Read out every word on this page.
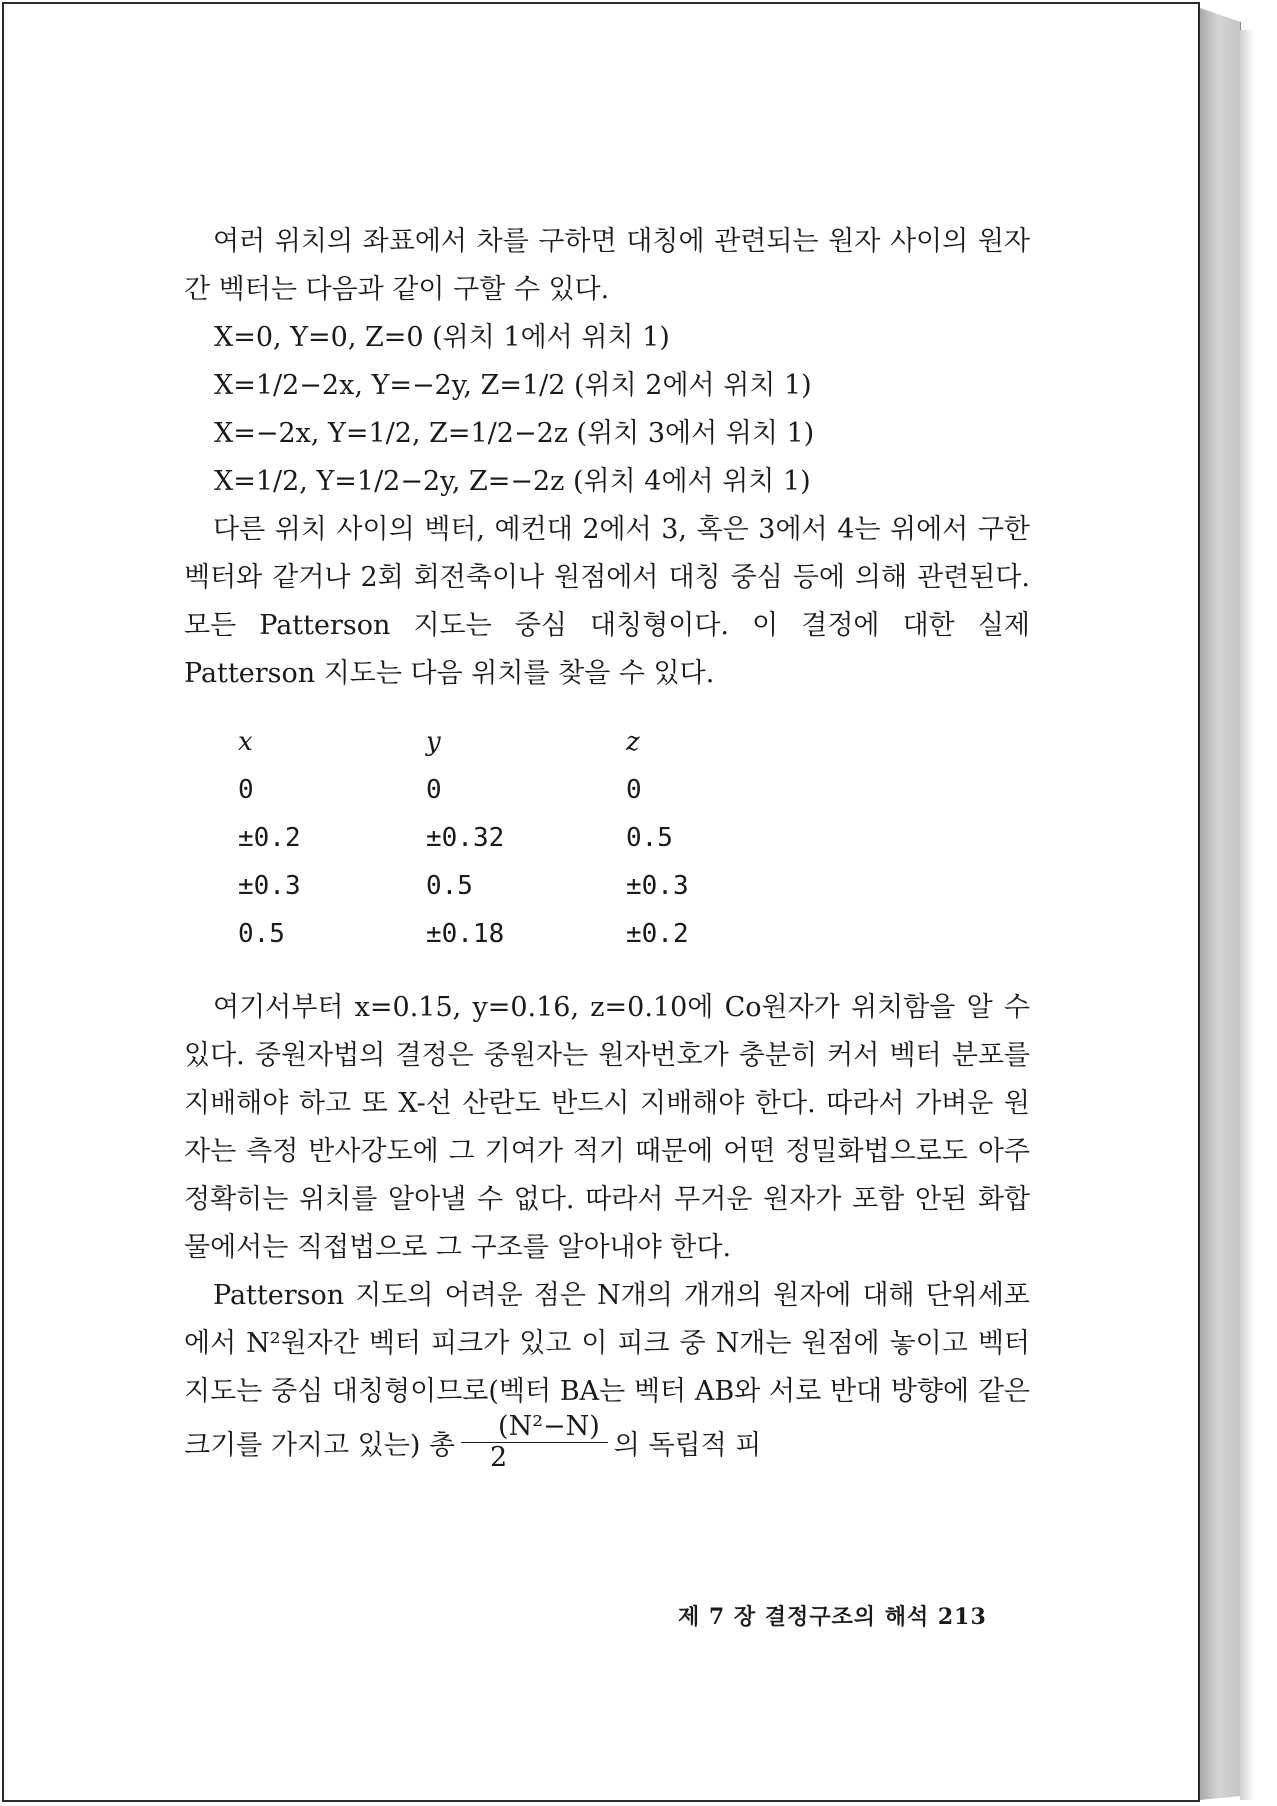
여러 위치의 좌표에서 차를 구하면 대칭에 관련되는 원자 사이의 원자간 벡터는 다음과 같이 구할 수 있다.

X=0, Y=0, Z=0 (위치 1에서 위치 1)

X=1/2−2x, Y=−2y, Z=1/2 (위치 2에서 위치 1)

X=−2x, Y=1/2, Z=1/2−2z (위치 3에서 위치 1)

X=1/2, Y=1/2−2y, Z=−2z (위치 4에서 위치 1)

다른 위치 사이의 벡터, 예컨대 2에서 3, 혹은 3에서 4는 위에서 구한 벡터와 같거나 2회 회전축이나 원점에서 대칭 중심 등에 의해 관련된다. 모든 Patterson 지도는 중심 대칭형이다. 이 결정에 대한 실제 Patterson 지도는 다음 위치를 찾을 수 있다.

x	y	z
0	0	0
±0.2	±0.32	0.5
±0.3	0.5	±0.3
0.5	±0.18	±0.2

여기서부터 x=0.15, y=0.16, z=0.10에 Co원자가 위치함을 알 수 있다. 중원자법의 결정은 중원자는 원자번호가 충분히 커서 벡터 분포를 지배해야 하고 또 X-선 산란도 반드시 지배해야 한다. 따라서 가벼운 원자는 측정 반사강도에 그 기여가 적기 때문에 어떤 정밀화법으로도 아주 정확히는 위치를 알아낼 수 없다. 따라서 무거운 원자가 포함 안된 화합물에서는 직접법으로 그 구조를 알아내야 한다.

Patterson 지도의 어려운 점은 N개의 개개의 원자에 대해 단위세포에서 N²원자간 벡터 피크가 있고 이 피크 중 N개는 원점에 놓이고 벡터 지도는 중심 대칭형이므로(벡터 BA는 벡터 AB와 서로 반대 방향에 같은 크기를 가지고 있는) 총 $\frac{\text{(N²−N)}}{2}$ 의 독립적 피

제 7 장 결정구조의 해석 213
